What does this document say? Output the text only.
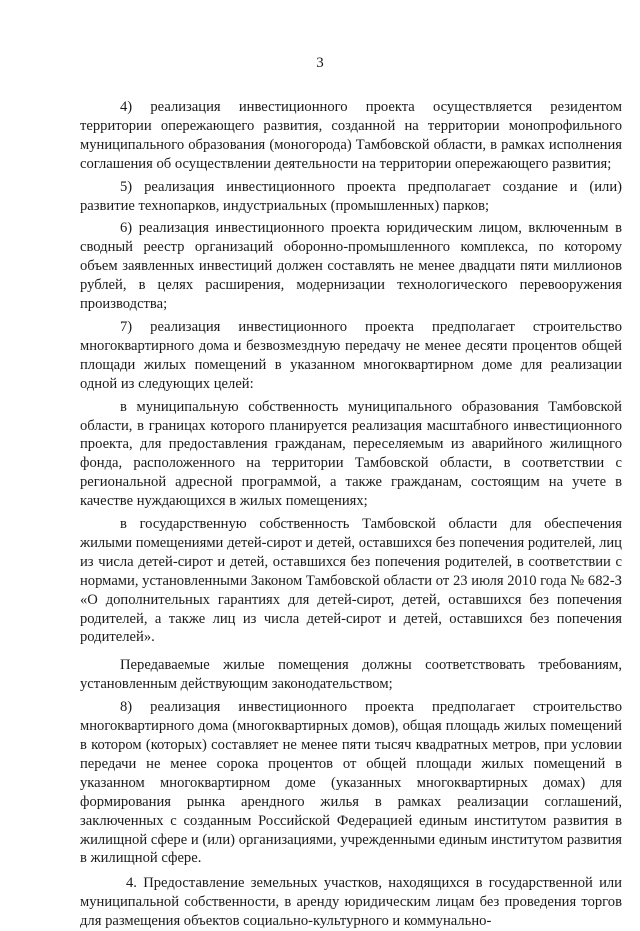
3

4) реализация инвестиционного проекта осуществляется резидентом территории опережающего развития, созданной на территории монопрофильного муниципального образования (моногорода) Тамбовской области, в рамках исполнения соглашения об осуществлении деятельности на территории опережающего развития;

5) реализация инвестиционного проекта предполагает создание и (или) развитие технопарков, индустриальных (промышленных) парков;

6) реализация инвестиционного проекта юридическим лицом, включенным в сводный реестр организаций оборонно-промышленного комплекса, по которому объем заявленных инвестиций должен составлять не менее двадцати пяти миллионов рублей, в целях расширения, модернизации технологического перевооружения производства;

7) реализация инвестиционного проекта предполагает строительство многоквартирного дома и безвозмездную передачу не менее десяти процентов общей площади жилых помещений в указанном многоквартирном доме для реализации одной из следующих целей:

в муниципальную собственность муниципального образования Тамбовской области, в границах которого планируется реализация масштабного инвестиционного проекта, для предоставления гражданам, переселяемым из аварийного жилищного фонда, расположенного на территории Тамбовской области, в соответствии с региональной адресной программой, а также гражданам, состоящим на учете в качестве нуждающихся в жилых помещениях;

в государственную собственность Тамбовской области для обеспечения жилыми помещениями детей-сирот и детей, оставшихся без попечения родителей, лиц из числа детей-сирот и детей, оставшихся без попечения родителей, в соответствии с нормами, установленными Законом Тамбовской области от 23 июля 2010 года № 682-З «О дополнительных гарантиях для детей-сирот, детей, оставшихся без попечения родителей, а также лиц из числа детей-сирот и детей, оставшихся без попечения родителей».

Передаваемые жилые помещения должны соответствовать требованиям, установленным действующим законодательством;

8) реализация инвестиционного проекта предполагает строительство многоквартирного дома (многоквартирных домов), общая площадь жилых помещений в котором (которых) составляет не менее пяти тысяч квадратных метров, при условии передачи не менее сорока процентов от общей площади жилых помещений в указанном многоквартирном доме (указанных многоквартирных домах) для формирования рынка арендного жилья в рамках реализации соглашений, заключенных с созданным Российской Федерацией единым институтом развития в жилищной сфере и (или) организациями, учрежденными единым институтом развития в жилищной сфере.

4. Предоставление земельных участков, находящихся в государственной или муниципальной собственности, в аренду юридическим лицам без проведения торгов для размещения объектов социально-культурного и коммунально-
